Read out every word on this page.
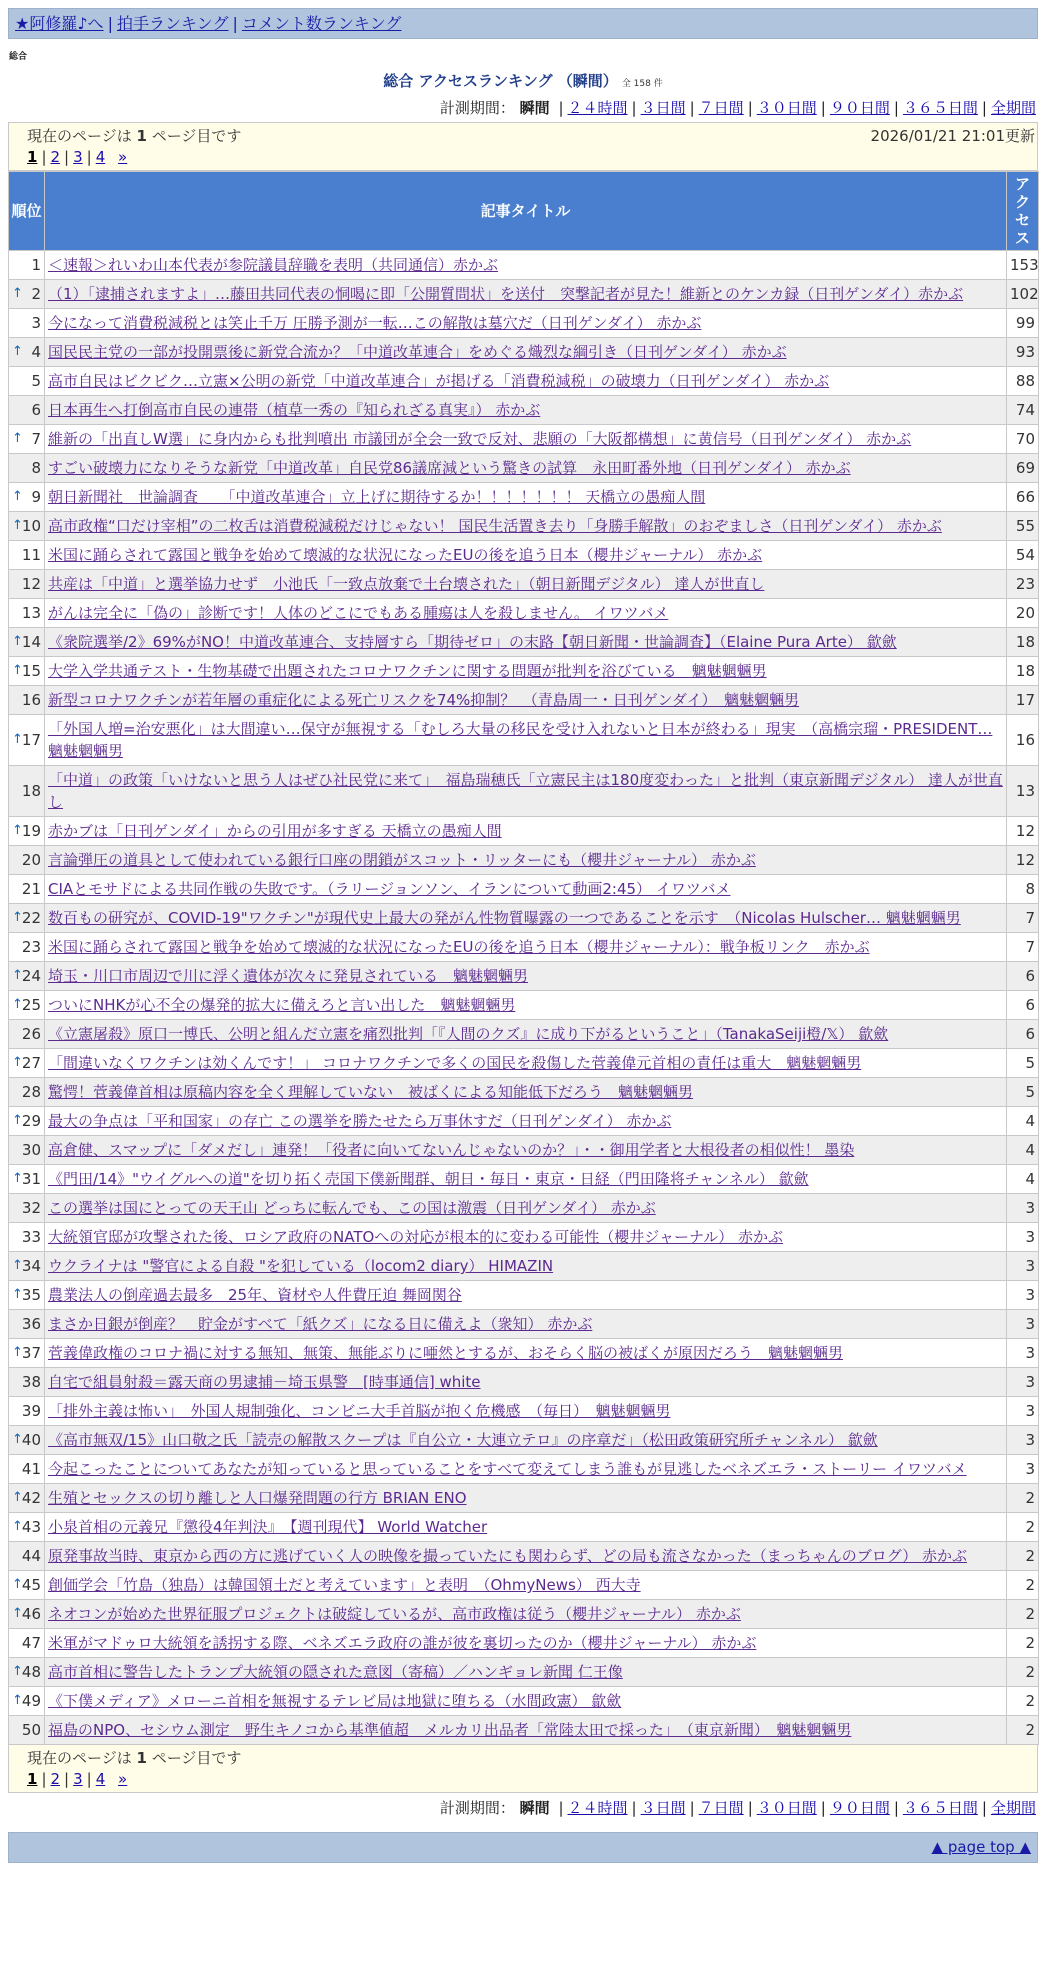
★阿修羅♪へ | 拍手ランキング | コメント数ランキング
総合
総合 アクセスランキング （瞬間） 全 158 件
計測期間： 瞬間 | ２４時間 | ３日間 | ７日間 | ３０日間 | ９０日間 | ３６５日間 | 全期間
現在のページは 1 ページ目です	2026/01/21 21:01更新
1 | 2 | 3 | 4 »
順位	記事タイトル	アクセス
1	＜速報＞れいわ山本代表が参院議員辞職を表明（共同通信）赤かぶ	153

↑ 2	（1）「逮捕されますよ」…藤田共同代表の恫喝に即「公開質問状」を送付　突撃記者が見た！維新とのケンカ録（日刊ゲンダイ）赤かぶ	102
3	今になって消費税減税とは笑止千万 圧勝予測が一転…この解散は墓穴だ（日刊ゲンダイ） 赤かぶ	99

↑ 4	国民民主党の一部が投開票後に新党合流か？「中道改革連合」をめぐる熾烈な綱引き（日刊ゲンダイ） 赤かぶ	93
5	高市自民はビクビク…立憲×公明の新党「中道改革連合」が掲げる「消費税減税」の破壊力（日刊ゲンダイ） 赤かぶ	88
6	日本再生へ打倒高市自民の連帯（植草一秀の『知られざる真実』） 赤かぶ	74

↑ 7	維新の「出直しW選」に身内からも批判噴出 市議団が全会一致で反対、悲願の「大阪都構想」に黄信号（日刊ゲンダイ） 赤かぶ	70
8	すごい破壊力になりそうな新党「中道改革」自民党86議席減という驚きの試算　永田町番外地（日刊ゲンダイ） 赤かぶ	69

↑ 9	朝日新聞社　世論調査　　「中道改革連合」立上げに期待するか！！！！！！！ 天橋立の愚痴人間	66

↑ 10	高市政権“口だけ宰相”の二枚舌は消費税減税だけじゃない！ 国民生活置き去り「身勝手解散」のおぞましさ（日刊ゲンダイ） 赤かぶ	55
11	米国に踊らされて露国と戦争を始めて壊滅的な状況になったEUの後を追う日本（櫻井ジャーナル） 赤かぶ	54
12	共産は「中道」と選挙協力せず　小池氏「一致点放棄で土台壊された」（朝日新聞デジタル） 達人が世直し	23
13	がんは完全に「偽の」診断です！人体のどこにでもある腫瘍は人を殺しません。 イワツバメ	20

↑ 14	《衆院選挙/2》69%がNO！中道改革連合、支持層すら「期待ゼロ」の末路【朝日新聞・世論調査】（Elaine Pura Arte） 歙歛	18

↑ 15	大学入学共通テスト・生物基礎で出題されたコロナワクチンに関する問題が批判を浴びている　魑魅魍魎男	18
16	新型コロナワクチンが若年層の重症化による死亡リスクを74%抑制？　（青島周一・日刊ゲンダイ）　魑魅魍魎男	17

↑ 17	「外国人増=治安悪化」は大間違い…保守が無視する「むしろ大量の移民を受け入れないと日本が終わる」現実　（高橋宗瑠・PRESIDENT… 魑魅魍魎男	16
18	「中道」の政策「いけないと思う人はぜひ社民党に来て」　福島瑞穂氏「立憲民主は180度変わった」と批判（東京新聞デジタル） 達人が世直し	13

↑ 19	赤かブは「日刊ゲンダイ」からの引用が多すぎる 天橋立の愚痴人間	12
20	言論弾圧の道具として使われている銀行口座の閉鎖がスコット・リッターにも（櫻井ジャーナル） 赤かぶ	12
21	CIAとモサドによる共同作戦の失敗です。（ラリージョンソン、イランについて動画2:45） イワツバメ	8

↑ 22	数百もの研究が、COVID-19"ワクチン"が現代史上最大の発がん性物質曝露の一つであることを示す　（Nicolas Hulscher… 魑魅魍魎男	7
23	米国に踊らされて露国と戦争を始めて壊滅的な状況になったEUの後を追う日本（櫻井ジャーナル）：戦争板リンク　赤かぶ	7

↑ 24	埼玉・川口市周辺で川に浮く遺体が次々に発見されている　魑魅魍魎男	6

↑ 25	ついにNHKが心不全の爆発的拡大に備えろと言い出した　魑魅魍魎男	6
26	《立憲屠殺》原口一博氏、公明と組んだ立憲を痛烈批判「『人間のクズ』に成り下がるということ」（TanakaSeiji橙/𝕏） 歙歛	6

↑ 27	「間違いなくワクチンは効くんです！」 コロナワクチンで多くの国民を殺傷した菅義偉元首相の責任は重大　魑魅魍魎男	5
28	驚愕！菅義偉首相は原稿内容を全く理解していない　被ばくによる知能低下だろう　魑魅魍魎男	5

↑ 29	最大の争点は「平和国家」の存亡 この選挙を勝たせたら万事休すだ（日刊ゲンダイ） 赤かぶ	4
30	高倉健、スマップに「ダメだし」連発！「役者に向いてないんじゃないのか？」・・御用学者と大根役者の相似性！ 墨染	4

↑ 31	《門田/14》"ウイグルへの道"を切り拓く売国下僕新聞群、朝日・毎日・東京・日経（門田隆将チャンネル） 歙歛	4
32	この選挙は国にとっての天王山 どっちに転んでも、この国は激震（日刊ゲンダイ） 赤かぶ	3
33	大統領官邸が攻撃された後、ロシア政府のNATOへの対応が根本的に変わる可能性（櫻井ジャーナル） 赤かぶ	3

↑ 34	ウクライナは "警官による自殺 "を犯している（locom2 diary） HIMAZIN	3

↑ 35	農業法人の倒産過去最多　25年、資材や人件費圧迫 舞岡関谷	3
36	まさか日銀が倒産？　貯金がすべて「紙クズ」になる日に備えよ（衆知） 赤かぶ	3

↑ 37	菅義偉政権のコロナ禍に対する無知、無策、無能ぶりに唖然とするが、おそらく脳の被ばくが原因だろう　魑魅魍魎男	3
38	自宅で組員射殺＝露天商の男逮捕－埼玉県警　[時事通信] white	3
39	「排外主義は怖い」　外国人規制強化、コンビニ大手首脳が抱く危機感　（毎日）　魑魅魍魎男	3

↑ 40	《高市無双/15》山口敬之氏「読売の解散スクープは『自公立・大連立テロ』の序章だ」（松田政策研究所チャンネル） 歙歛	3
41	今起こったことについてあなたが知っていると思っていることをすべて変えてしまう誰もが見逃したベネズエラ・ストーリー イワツバメ	3

↑ 42	生殖とセックスの切り離しと人口爆発問題の行方 BRIAN ENO	2

↑ 43	小泉首相の元義兄『懲役4年判決』　【週刊現代】 World Watcher	2
44	原発事故当時、東京から西の方に逃げていく人の映像を撮っていたにも関わらず、どの局も流さなかった（まっちゃんのブログ） 赤かぶ	2

↑ 45	創価学会「竹島（独島）は韓国領土だと考えています」と表明　（OhmyNews） 西大寺	2

↑ 46	ネオコンが始めた世界征服プロジェクトは破綻しているが、高市政権は従う（櫻井ジャーナル） 赤かぶ	2
47	米軍がマドゥロ大統領を誘拐する際、ベネズエラ政府の誰が彼を裏切ったのか（櫻井ジャーナル） 赤かぶ	2

↑ 48	高市首相に警告したトランプ大統領の隠された意図（寄稿）／ハンギョレ新聞 仁王像	2

↑ 49	《下僕メディア》メローニ首相を無視するテレビ局は地獄に堕ちる（水間政憲） 歙歛	2
50	福島のNPO、セシウム測定　野生キノコから基準値超　メルカリ出品者「常陸太田で採った」　（東京新聞）　魑魅魍魎男	2
現在のページは 1 ページ目です
1 | 2 | 3 | 4 »
計測期間： 瞬間 | ２４時間 | ３日間 | ７日間 | ３０日間 | ９０日間 | ３６５日間 | 全期間
▲ page top ▲
